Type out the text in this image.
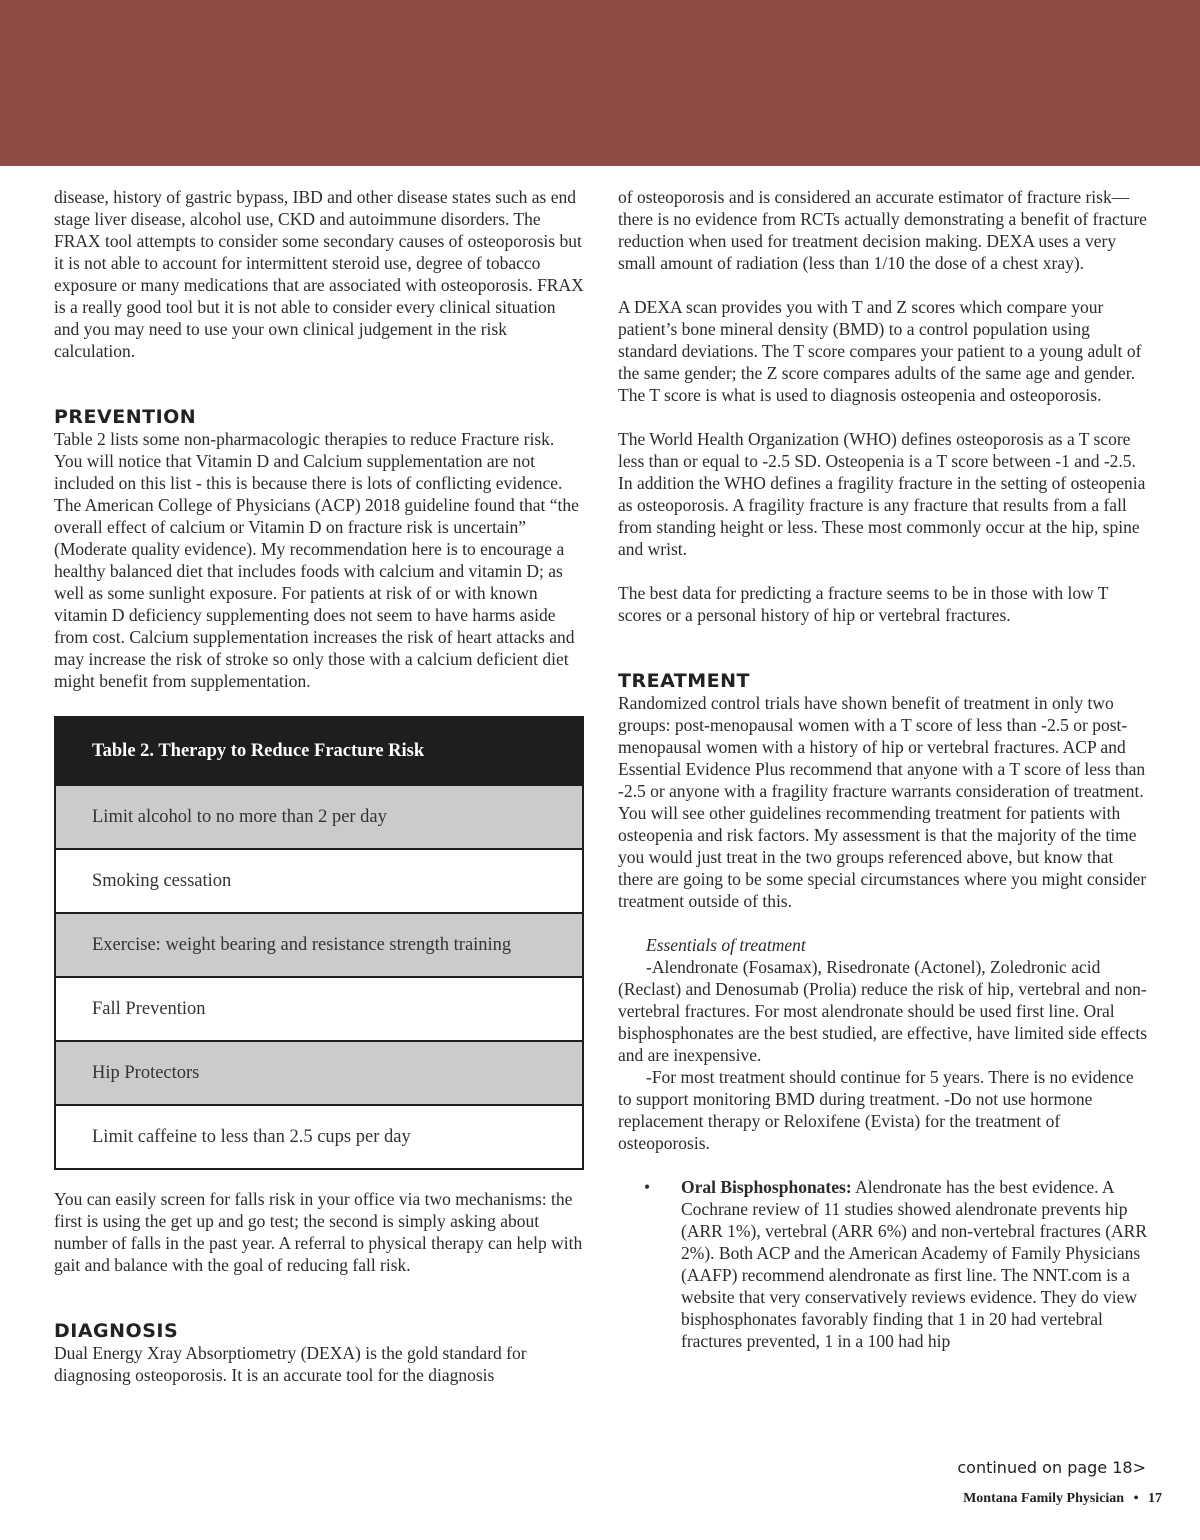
disease, history of gastric bypass, IBD and other disease states such as end stage liver disease, alcohol use, CKD and autoimmune disorders. The FRAX tool attempts to consider some secondary causes of osteoporosis but it is not able to account for intermittent steroid use, degree of tobacco exposure or many medications that are associated with osteoporosis. FRAX is a really good tool but it is not able to consider every clinical situation and you may need to use your own clinical judgement in the risk calculation.

PREVENTION

Table 2 lists some non-pharmacologic therapies to reduce Fracture risk. You will notice that Vitamin D and Calcium supplementation are not included on this list - this is because there is lots of conflicting evidence. The American College of Physicians (ACP) 2018 guideline found that “the overall effect of calcium or Vitamin D on fracture risk is uncertain” (Moderate quality evidence). My recommendation here is to encourage a healthy balanced diet that includes foods with calcium and vitamin D; as well as some sunlight exposure. For patients at risk of or with known vitamin D deficiency supplementing does not seem to have harms aside from cost. Calcium supplementation increases the risk of heart attacks and may increase the risk of stroke so only those with a calcium deficient diet might benefit from supplementation.

Table 2. Therapy to Reduce Fracture Risk
Limit alcohol to no more than 2 per day
Smoking cessation
Exercise: weight bearing and resistance strength training
Fall Prevention
Hip Protectors
Limit caffeine to less than 2.5 cups per day

You can easily screen for falls risk in your office via two mechanisms: the first is using the get up and go test; the second is simply asking about number of falls in the past year. A referral to physical therapy can help with gait and balance with the goal of reducing fall risk.

DIAGNOSIS

Dual Energy Xray Absorptiometry (DEXA) is the gold standard for diagnosing osteoporosis. It is an accurate tool for the diagnosis

of osteoporosis and is considered an accurate estimator of fracture risk—there is no evidence from RCTs actually demonstrating a benefit of fracture reduction when used for treatment decision making. DEXA uses a very small amount of radiation (less than 1/10 the dose of a chest xray).

A DEXA scan provides you with T and Z scores which compare your patient’s bone mineral density (BMD) to a control population using standard deviations. The T score compares your patient to a young adult of the same gender; the Z score compares adults of the same age and gender. The T score is what is used to diagnosis osteopenia and osteoporosis.

The World Health Organization (WHO) defines osteoporosis as a T score less than or equal to -2.5 SD. Osteopenia is a T score between -1 and -2.5. In addition the WHO defines a fragility fracture in the setting of osteopenia as osteoporosis. A fragility fracture is any fracture that results from a fall from standing height or less. These most commonly occur at the hip, spine and wrist.

The best data for predicting a fracture seems to be in those with low T scores or a personal history of hip or vertebral fractures.

TREATMENT

Randomized control trials have shown benefit of treatment in only two groups: post-menopausal women with a T score of less than -2.5 or post-menopausal women with a history of hip or vertebral fractures. ACP and Essential Evidence Plus recommend that anyone with a T score of less than -2.5 or anyone with a fragility fracture warrants consideration of treatment. You will see other guidelines recommending treatment for patients with osteopenia and risk factors. My assessment is that the majority of the time you would just treat in the two groups referenced above, but know that there are going to be some special circumstances where you might consider treatment outside of this.

Essentials of treatment

-Alendronate (Fosamax), Risedronate (Actonel), Zoledronic acid (Reclast) and Denosumab (Prolia) reduce the risk of hip, vertebral and non-vertebral fractures. For most alendronate should be used first line. Oral bisphosphonates are the best studied, are effective, have limited side effects and are inexpensive.

-For most treatment should continue for 5 years. There is no evidence to support monitoring BMD during treatment. -Do not use hormone replacement therapy or Reloxifene (Evista) for the treatment of osteoporosis.

• Oral Bisphosphonates: Alendronate has the best evidence. A Cochrane review of 11 studies showed alendronate prevents hip (ARR 1%), vertebral (ARR 6%) and non-vertebral fractures (ARR 2%). Both ACP and the American Academy of Family Physicians (AAFP) recommend alendronate as first line. The NNT.com is a website that very conservatively reviews evidence. They do view bisphosphonates favorably finding that 1 in 20 had vertebral fractures prevented, 1 in a 100 had hip
continued on page 18>
Montana Family Physician • 17
